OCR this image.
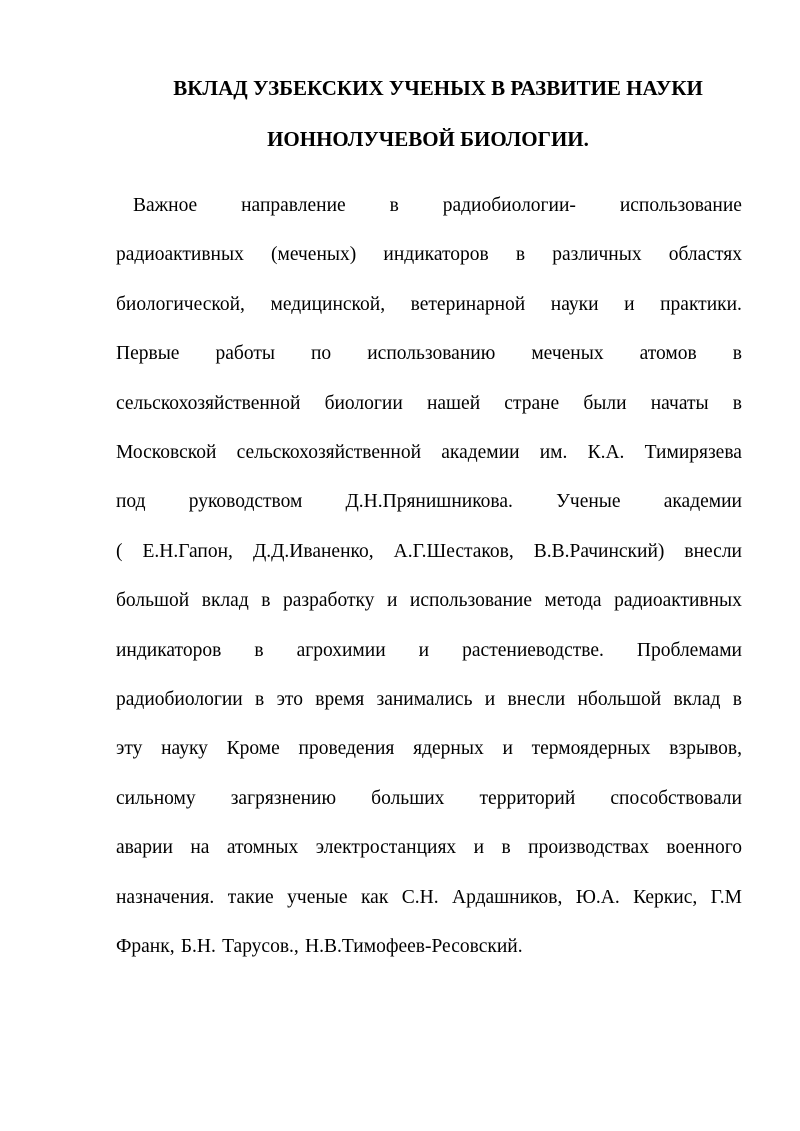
ВКЛАД УЗБЕКСКИХ УЧЕНЫХ В РАЗВИТИЕ НАУКИ
ИОННОЛУЧЕВОЙ БИОЛОГИИ.
Важное направление в радиобиологии- использование
радиоактивных (меченых) индикаторов в различных областях
биологической, медицинской, ветеринарной науки и практики.
Первые работы по использованию меченых атомов в
сельскохозяйственной биологии нашей стране были начаты в
Московской сельскохозяйственной академии им. К.А. Тимирязева
под руководством Д.Н.Прянишникова. Ученые академии
( Е.Н.Гапон, Д.Д.Иваненко, А.Г.Шестаков, В.В.Рачинский) внесли
большой вклад в разработку и использование метода радиоактивных
индикаторов в агрохимии и растениеводстве. Проблемами
радиобиологии в это время занимались и внесли нбольшой вклад в
эту науку Кроме проведения ядерных и термоядерных взрывов,
сильному загрязнению больших территорий способствовали
аварии на атомных электростанциях и в производствах военного
назначения. такие ученые как С.Н. Ардашников, Ю.А. Керкис, Г.М
Франк, Б.Н. Тарусов., Н.В.Тимофеев-Ресовский.
